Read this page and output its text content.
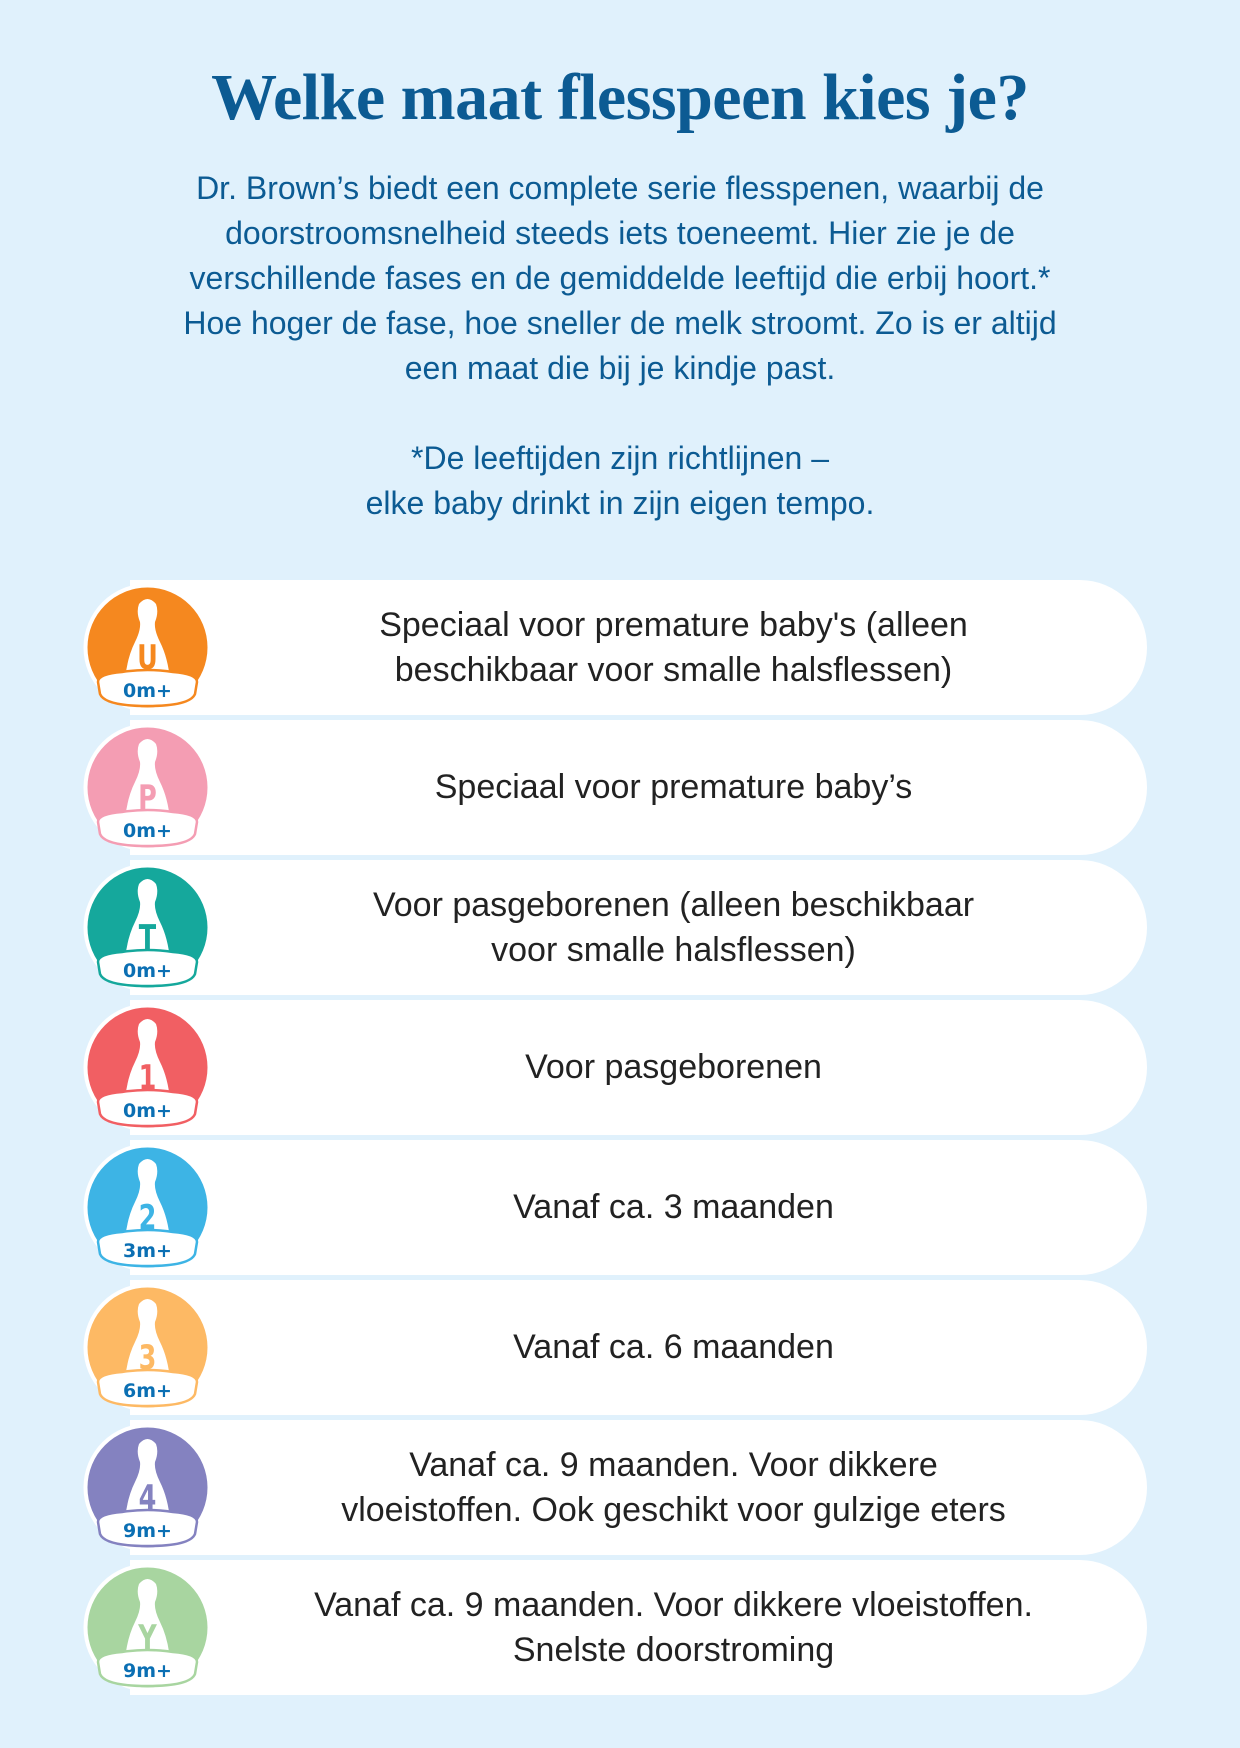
Welke maat flesspeen kies je?

Dr. Brown’s biedt een complete serie flesspenen, waarbij de

doorstroomsnelheid steeds iets toeneemt. Hier zie je de

verschillende fases en de gemiddelde leeftijd die erbij hoort.*

Hoe hoger de fase, hoe sneller de melk stroomt. Zo is er altijd

een maat die bij je kindje past.

*De leeftijden zijn richtlijnen –

elke baby drinkt in zijn eigen tempo.

Speciaal voor premature baby's (alleen
beschikbaar voor smalle halsflessen)
U
0m+
Speciaal voor premature baby’s
P
0m+
Voor pasgeborenen (alleen beschikbaar
voor smalle halsflessen)
T
0m+
Voor pasgeborenen
1
0m+
Vanaf ca. 3 maanden
2
3m+
Vanaf ca. 6 maanden
3
6m+
Vanaf ca. 9 maanden. Voor dikkere
vloeistoffen. Ook geschikt voor gulzige eters
4
9m+
Vanaf ca. 9 maanden. Voor dikkere vloeistoffen.
Snelste doorstroming
Y
9m+
